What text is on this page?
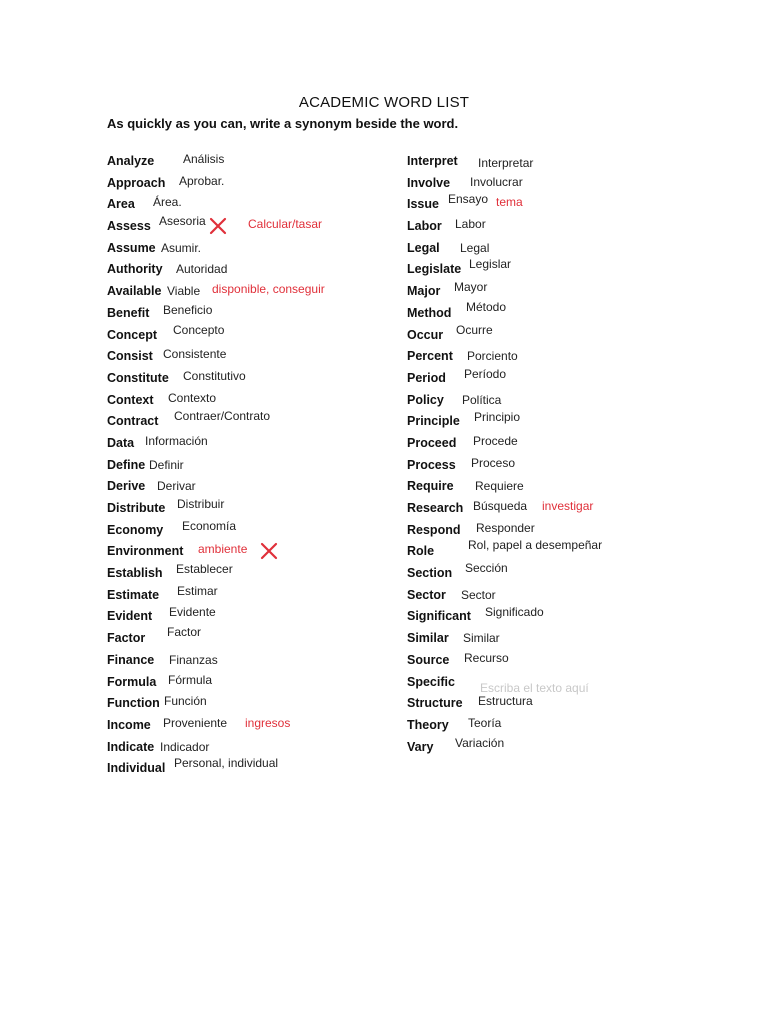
ACADEMIC WORD LIST
As quickly as you can, write a synonym beside the word.
Analyze Análisis
Approach Aprobar.
Area Área.
Assess Asesoria	Calcular/tasar
Assume Asumir.
Authority Autoridad
Available Viable disponible, conseguir
Benefit Beneficio
Concept Concepto
Consist Consistente
Constitute Constitutivo
Context Contexto
Contract Contraer/Contrato
Data Información
Define Definir
Derive Derivar
Distribute Distribuir
Economy Economía
Environment ambiente
Establish Establecer
Estimate Estimar
Evident Evidente
Factor Factor
Finance Finanzas
Formula Fórmula
Function Función
Income Proveniente ingresos
Indicate Indicador
Individual Personal, individual
Interpret Interpretar
Involve Involucrar
Issue Ensayo tema
Labor Labor
Legal Legal
Legislate Legislar
Major Mayor
Method Método
Occur Ocurre
Percent Porciento
Period Período
Policy Política
Principle Principio
Proceed Procede
Process Proceso
Require Requiere
Research Búsqueda investigar
Respond Responder
Role	Rol, papel a desempeñar
Section Sección
Sector Sector
Significant Significado
Similar Similar
Source Recurso
Specific Escriba el texto aquí
Structure Estructura
Theory Teoría
Vary Variación
